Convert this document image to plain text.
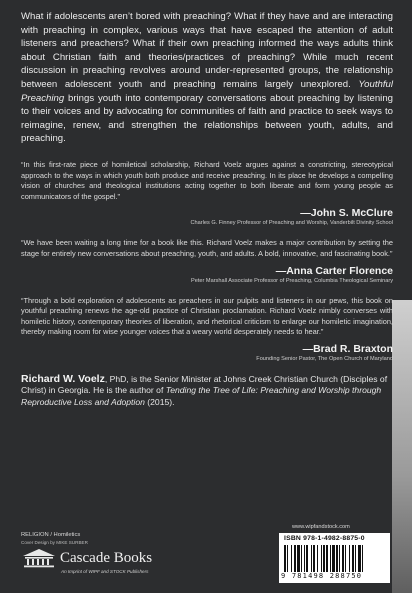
What if adolescents aren’t bored with preaching? What if they have and are interacting with preaching in complex, various ways that have escaped the attention of adult listeners and preachers? What if their own preaching informed the ways adults think about Christian faith and theories/practices of preaching? While much recent discussion in preaching revolves around under-represented groups, the relationship between adolescent youth and preaching remains largely unexplored. Youthful Preaching brings youth into contemporary conversations about preaching by listening to their voices and by advocating for communities of faith and practice to seek ways to reimagine, renew, and strengthen the relationships between youth, adults, and preaching.

“In this first-rate piece of homiletical scholarship, Richard Voelz argues against a constricting, stereotypical approach to the ways in which youth both produce and receive preaching. In its place he develops a compelling vision of churches and theological institutions acting together to both liberate and form young people as communicators of the gospel.”

—John S. McClure
Charles G. Finney Professor of Preaching and Worship, Vanderbilt Divinity School

“We have been waiting a long time for a book like this. Richard Voelz makes a major contribution by setting the stage for entirely new conversations about preaching, youth, and adults. A bold, innovative, and fascinating book.”

—Anna Carter Florence
Peter Marshall Associate Professor of Preaching, Columbia Theological Seminary

“Through a bold exploration of adolescents as preachers in our pulpits and listeners in our pews, this book on youthful preaching renews the age-old practice of Christian proclamation. Richard Voelz nimbly converses with homiletic history, contemporary theories of liberation, and rhetorical criticism to enlarge our homiletic imagination, thereby making room for wise younger voices that a weary world desperately needs to hear.”

—Brad R. Braxton
Founding Senior Pastor, The Open Church of Maryland
Richard W. Voelz, PhD, is the Senior Minister at Johns Creek Christian Church (Disciples of Christ) in Georgia. He is the author of Tending the Tree of Life: Preaching and Worship through Reproductive Loss and Adoption (2015).
RELIGION / Homiletics
Cover Design by MIKE SURBER
Cascade Books
An Imprint of WIPF and STOCK Publishers
www.wipfandstock.com
ISBN 978-1-4982-8875-0
9 781498 288750
